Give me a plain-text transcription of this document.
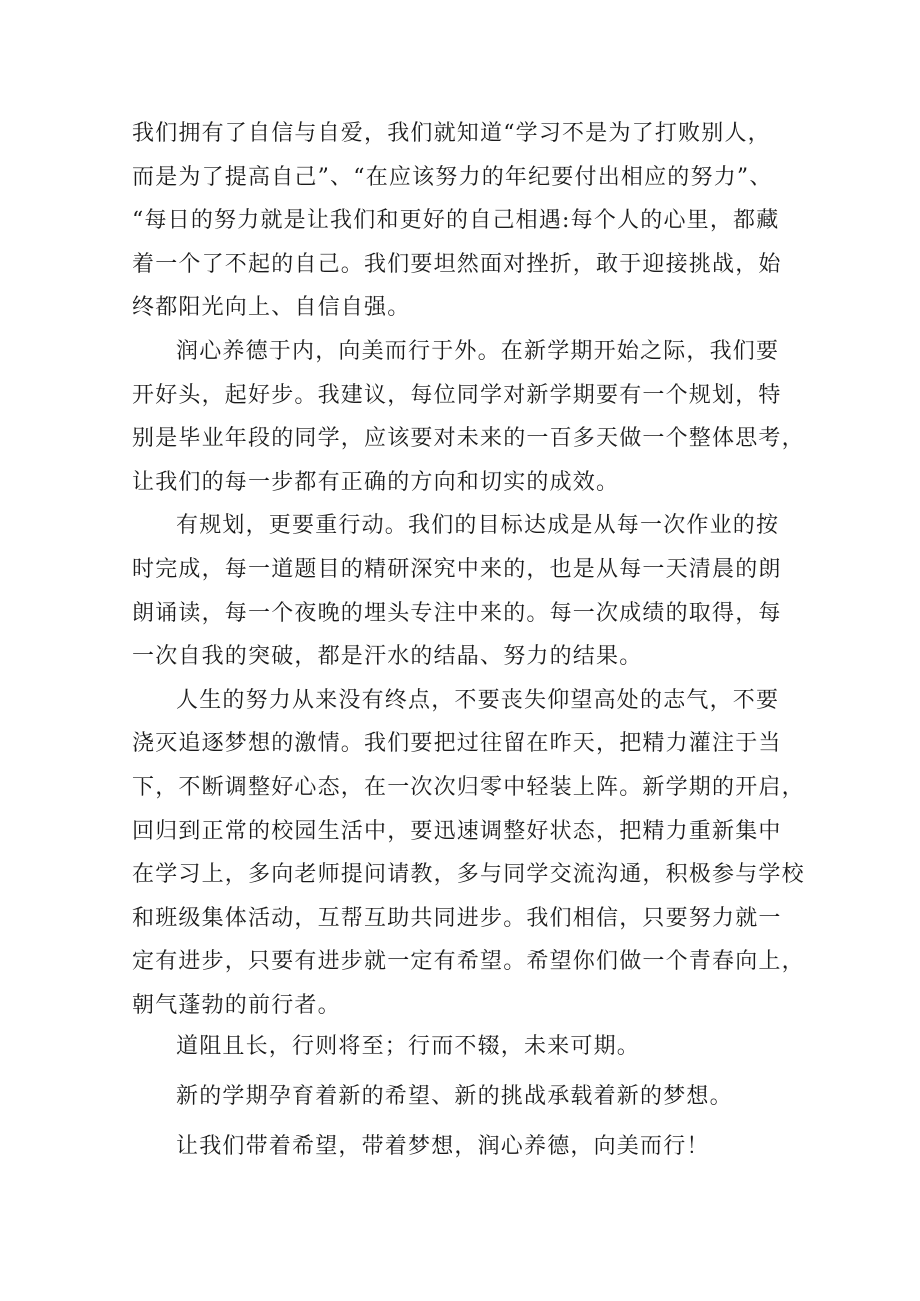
我们拥有了自信与自爱，我们就知道“学习不是为了打败别人，
而是为了提高自己”、“在应该努力的年纪要付出相应的努力”、
“每日的努力就是让我们和更好的自己相遇:每个人的心里，都藏
着一个了不起的自己。我们要坦然面对挫折，敢于迎接挑战，始
终都阳光向上、自信自强。
润心养德于内，向美而行于外。在新学期开始之际，我们要
开好头，起好步。我建议，每位同学对新学期要有一个规划，特
别是毕业年段的同学，应该要对未来的一百多天做一个整体思考，
让我们的每一步都有正确的方向和切实的成效。
有规划，更要重行动。我们的目标达成是从每一次作业的按
时完成，每一道题目的精研深究中来的，也是从每一天清晨的朗
朗诵读，每一个夜晚的埋头专注中来的。每一次成绩的取得，每
一次自我的突破，都是汗水的结晶、努力的结果。
人生的努力从来没有终点，不要丧失仰望高处的志气，不要
浇灭追逐梦想的激情。我们要把过往留在昨天，把精力灌注于当
下，不断调整好心态，在一次次归零中轻装上阵。新学期的开启，
回归到正常的校园生活中，要迅速调整好状态，把精力重新集中
在学习上，多向老师提问请教，多与同学交流沟通，积极参与学校
和班级集体活动，互帮互助共同进步。我们相信，只要努力就一
定有进步，只要有进步就一定有希望。希望你们做一个青春向上，
朝气蓬勃的前行者。

道阻且长，行则将至；行而不辍，未来可期。

新的学期孕育着新的希望、新的挑战承载着新的梦想。

让我们带着希望，带着梦想，润心养德，向美而行！
